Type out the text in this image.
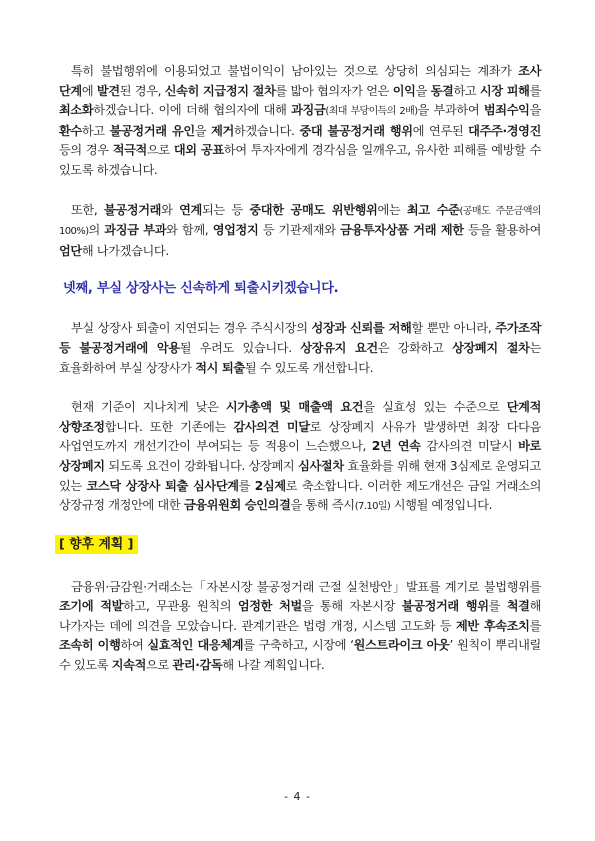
특히 불법행위에 이용되었고 불법이익이 남아있는 것으로 상당히 의심되는 계좌가 조사 단계에 발견된 경우, 신속히 지급정지 절차를 밟아 협의자가 얻은 이익을 동결하고 시장 피해를 최소화하겠습니다. 이에 더해 협의자에 대해 과징금(최대 부당이득의 2배)을 부과하여 범죄수익을 환수하고 불공정거래 유인을 제거하겠습니다. 중대 불공정거래 행위에 연루된 대주주·경영진 등의 경우 적극적으로 대외 공표하여 투자자에게 경각심을 일깨우고, 유사한 피해를 예방할 수 있도록 하겠습니다.

또한, 불공정거래와 연계되는 등 중대한 공매도 위반행위에는 최고 수준(공매도 주문금액의 100%)의 과징금 부과와 함께, 영업정지 등 기관제재와 금융투자상품 거래 제한 등을 활용하여 엄단해 나가겠습니다.

넷째, 부실 상장사는 신속하게 퇴출시키겠습니다.

부실 상장사 퇴출이 지연되는 경우 주식시장의 성장과 신뢰를 저해할 뿐만 아니라, 주가조작 등 불공정거래에 악용될 우려도 있습니다. 상장유지 요건은 강화하고 상장폐지 절차는 효율화하여 부실 상장사가 적시 퇴출될 수 있도록 개선합니다.

현재 기준이 지나치게 낮은 시가총액 및 매출액 요건을 실효성 있는 수준으로 단계적 상향조정합니다. 또한 기존에는 감사의견 미달로 상장폐지 사유가 발생하면 최장 다다음 사업연도까지 개선기간이 부여되는 등 적용이 느슨했으나, 2년 연속 감사의견 미달시 바로 상장폐지 되도록 요건이 강화됩니다. 상장폐지 심사절차 효율화를 위해 현재 3심제로 운영되고 있는 코스닥 상장사 퇴출 심사단계를 2심제로 축소합니다. 이러한 제도개선은 금일 거래소의 상장규정 개정안에 대한 금융위원회 승인의결을 통해 즉시(7.10일) 시행될 예정입니다.

[ 향후 계획 ]

금융위·금감원·거래소는「자본시장 불공정거래 근절 실천방안」발표를 계기로 불법행위를 조기에 적발하고, 무관용 원칙의 엄정한 처벌을 통해 자본시장 불공정거래 행위를 척결해 나가자는 데에 의견을 모았습니다. 관계기관은 법령 개정, 시스템 고도화 등 제반 후속조치를 조속히 이행하여 실효적인 대응체계를 구축하고, 시장에 ‘원스트라이크 아웃’ 원칙이 뿌리내릴 수 있도록 지속적으로 관리·감독해 나갈 계획입니다.

- 4 -
